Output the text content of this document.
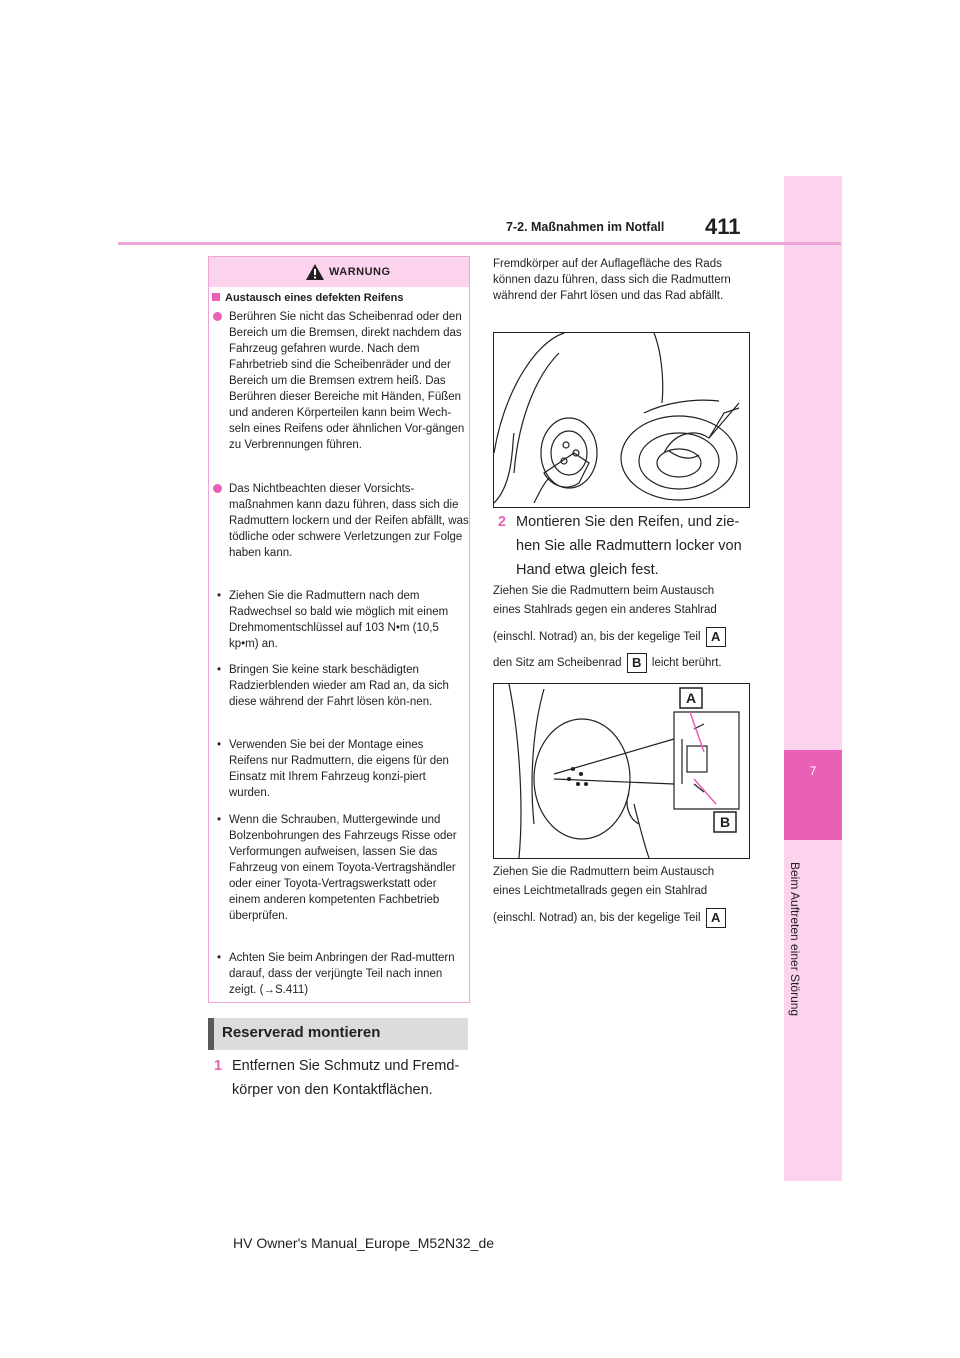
7
Beim Auftreten einer Störung
7-2. Maßnahmen im Notfall 411
WARNUNG
Austausch eines defekten Reifens
Berühren Sie nicht das Scheibenrad oder den Bereich um die Bremsen, direkt nachdem das Fahrzeug gefahren wurde. Nach dem Fahrbetrieb sind die Scheibenräder und der Bereich um die Bremsen extrem heiß. Das Berühren dieser Bereiche mit Händen, Füßen und anderen Körperteilen kann beim Wech-seln eines Reifens oder ähnlichen Vor-gängen zu Verbrennungen führen.
Das Nichtbeachten dieser Vorsichts-maßnahmen kann dazu führen, dass sich die Radmuttern lockern und der Reifen abfällt, was tödliche oder schwere Verletzungen zur Folge haben kann.
• Ziehen Sie die Radmuttern nach dem Radwechsel so bald wie möglich mit einem Drehmomentschlüssel auf 103 N•m (10,5 kp•m) an.
• Bringen Sie keine stark beschädigten Radzierblenden wieder am Rad an, da sich diese während der Fahrt lösen kön-nen.
• Verwenden Sie bei der Montage eines Reifens nur Radmuttern, die eigens für den Einsatz mit Ihrem Fahrzeug konzi-piert wurden.
• Wenn die Schrauben, Muttergewinde und Bolzenbohrungen des Fahrzeugs Risse oder Verformungen aufweisen, lassen Sie das Fahrzeug von einem Toyota-Vertragshändler oder einer Toyota-Vertragswerkstatt oder einem anderen kompetenten Fachbetrieb überprüfen.
• Achten Sie beim Anbringen der Rad-muttern darauf, dass der verjüngte Teil nach innen zeigt. (→S.411)
Reserverad montieren
1 Entfernen Sie Schmutz und Fremd-
körper von den Kontaktflächen.
Fremdkörper auf der Auflagefläche des Rads können dazu führen, dass sich die Radmuttern während der Fahrt lösen und das Rad abfällt.
2 Montieren Sie den Reifen, und zie-
hen Sie alle Radmuttern locker von
Hand etwa gleich fest.
Ziehen Sie die Radmuttern beim Austausch
eines Stahlrads gegen ein anderes Stahlrad
(einschl. Notrad) an, bis der kegelige Teil A
den Sitz am Scheibenrad B leicht berührt.
A
B
Ziehen Sie die Radmuttern beim Austausch
eines Leichtmetallrads gegen ein Stahlrad
(einschl. Notrad) an, bis der kegelige Teil A
HV Owner's Manual_Europe_M52N32_de
